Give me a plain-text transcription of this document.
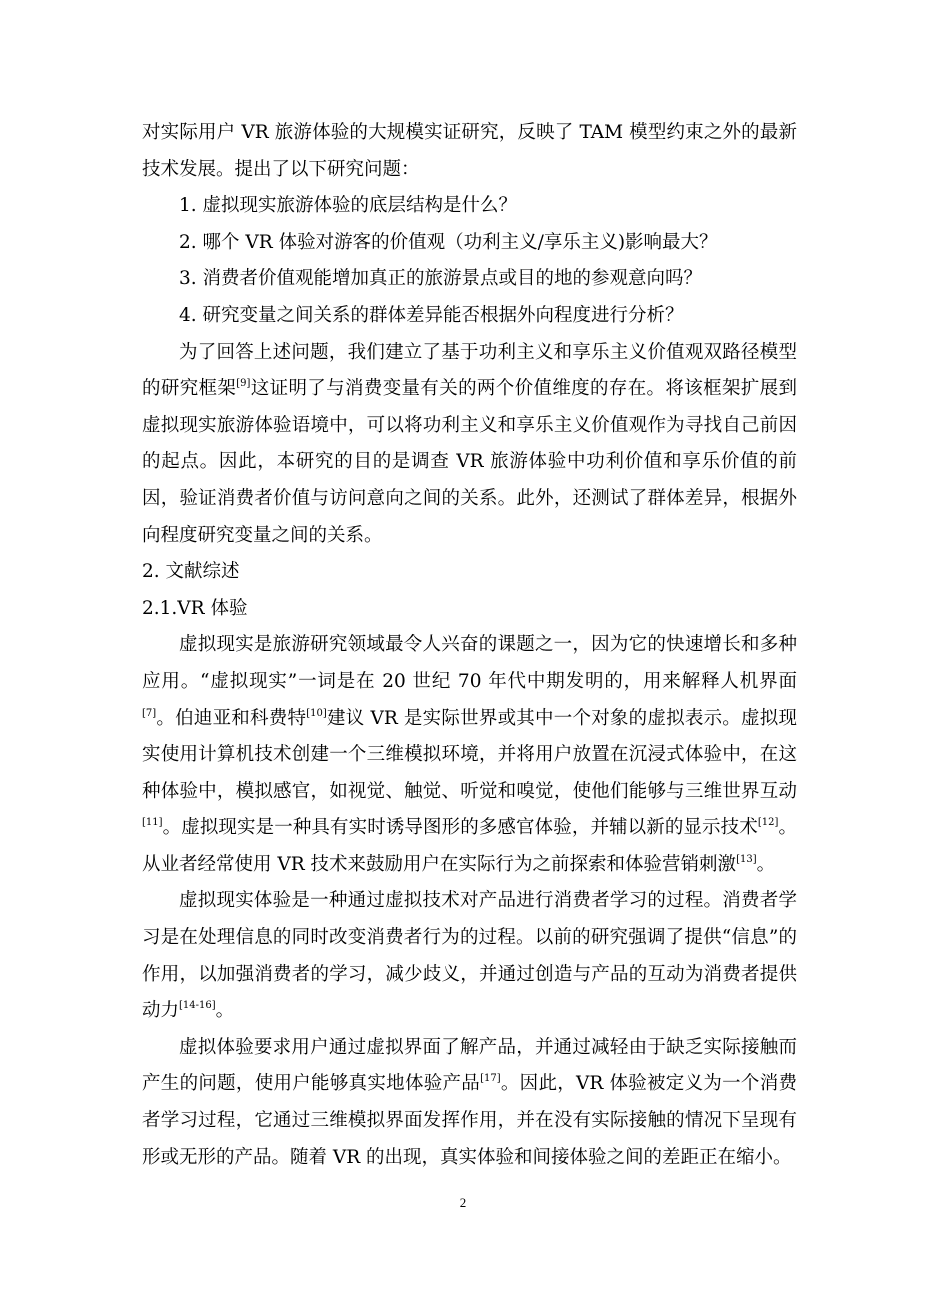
对实际用户 VR 旅游体验的大规模实证研究，反映了 TAM 模型约束之外的最新技术发展。提出了以下研究问题：

1. 虚拟现实旅游体验的底层结构是什么？

2. 哪个 VR 体验对游客的价值观（功利主义/享乐主义)影响最大？

3. 消费者价值观能增加真正的旅游景点或目的地的参观意向吗？

4. 研究变量之间关系的群体差异能否根据外向程度进行分析？

为了回答上述问题，我们建立了基于功利主义和享乐主义价值观双路径模型的研究框架[9]这证明了与消费变量有关的两个价值维度的存在。将该框架扩展到虚拟现实旅游体验语境中，可以将功利主义和享乐主义价值观作为寻找自己前因的起点。因此，本研究的目的是调查 VR 旅游体验中功利价值和享乐价值的前因，验证消费者价值与访问意向之间的关系。此外，还测试了群体差异，根据外向程度研究变量之间的关系。

2. 文献综述

2.1.VR 体验

虚拟现实是旅游研究领域最令人兴奋的课题之一，因为它的快速增长和多种应用。“虚拟现实”一词是在 20 世纪 70 年代中期发明的，用来解释人机界面[7]。伯迪亚和科费特[10]建议 VR 是实际世界或其中一个对象的虚拟表示。虚拟现实使用计算机技术创建一个三维模拟环境，并将用户放置在沉浸式体验中，在这种体验中，模拟感官，如视觉、触觉、听觉和嗅觉，使他们能够与三维世界互动[11]。虚拟现实是一种具有实时诱导图形的多感官体验，并辅以新的显示技术[12]。从业者经常使用 VR 技术来鼓励用户在实际行为之前探索和体验营销刺激[13]。

虚拟现实体验是一种通过虚拟技术对产品进行消费者学习的过程。消费者学习是在处理信息的同时改变消费者行为的过程。以前的研究强调了提供“信息”的作用，以加强消费者的学习，减少歧义，并通过创造与产品的互动为消费者提供动力[14-16]。

虚拟体验要求用户通过虚拟界面了解产品，并通过减轻由于缺乏实际接触而产生的问题，使用户能够真实地体验产品[17]。因此，VR 体验被定义为一个消费者学习过程，它通过三维模拟界面发挥作用，并在没有实际接触的情况下呈现有形或无形的产品。随着 VR 的出现，真实体验和间接体验之间的差距正在缩小。

2
